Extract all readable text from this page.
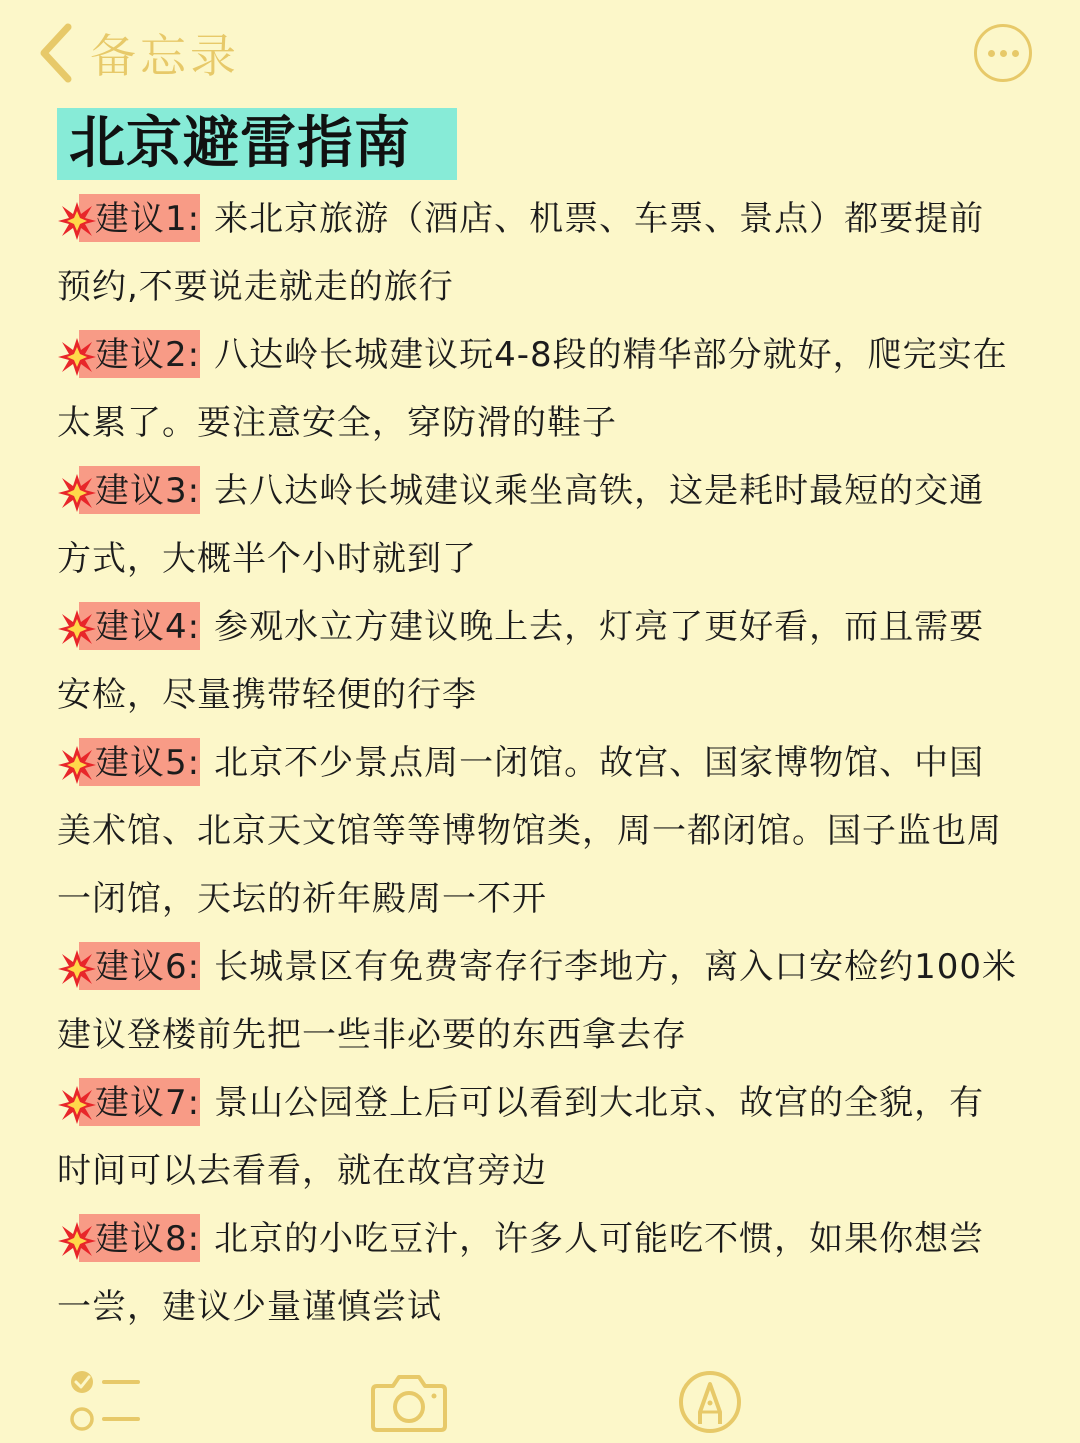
备忘录
北京避雷指南
建议1: 来北京旅游（酒店、机票、车票、景点）都要提前预约,不要说走就走的旅行
建议2: 八达岭长城建议玩4-8段的精华部分就好，爬完实在太累了。要注意安全，穿防滑的鞋子
建议3: 去八达岭长城建议乘坐高铁，这是耗时最短的交通方式，大概半个小时就到了
建议4: 参观水立方建议晚上去，灯亮了更好看，而且需要安检，尽量携带轻便的行李
建议5: 北京不少景点周一闭馆。故宫、国家博物馆、中国美术馆、北京天文馆等等博物馆类，周一都闭馆。国子监也周一闭馆，天坛的祈年殿周一不开
建议6: 长城景区有免费寄存行李地方，离入口安检约100米建议登楼前先把一些非必要的东西拿去存
建议7: 景山公园登上后可以看到大北京、故宫的全貌，有时间可以去看看，就在故宫旁边
建议8: 北京的小吃豆汁，许多人可能吃不惯，如果你想尝一尝，建议少量谨慎尝试
